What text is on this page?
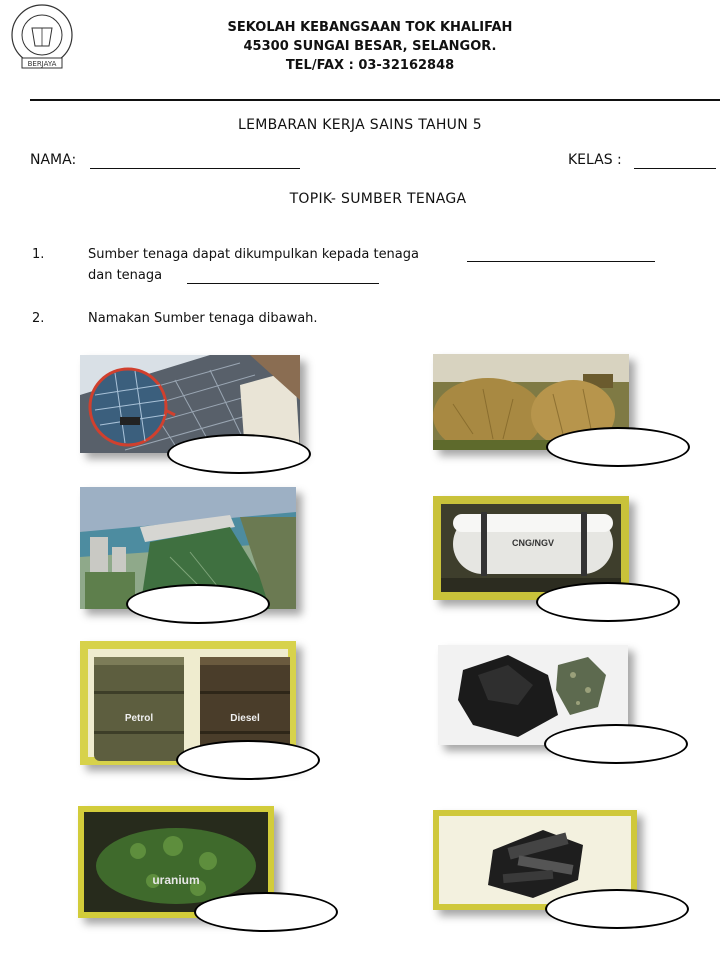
BERJAYA
SEKOLAH KEBANGSAAN TOK KHALIFAH
45300 SUNGAI BESAR, SELANGOR.
TEL/FAX : 03-32162848
LEMBARAN KERJA SAINS TAHUN 5
NAMA:	KELAS :
TOPIK- SUMBER TENAGA
1.	Sumber tenaga dapat dikumpulkan kepada tenaga
dan tenaga
2.	Namakan Sumber tenaga dibawah.
CNG/NGV
Petrol	Diesel
uranium
